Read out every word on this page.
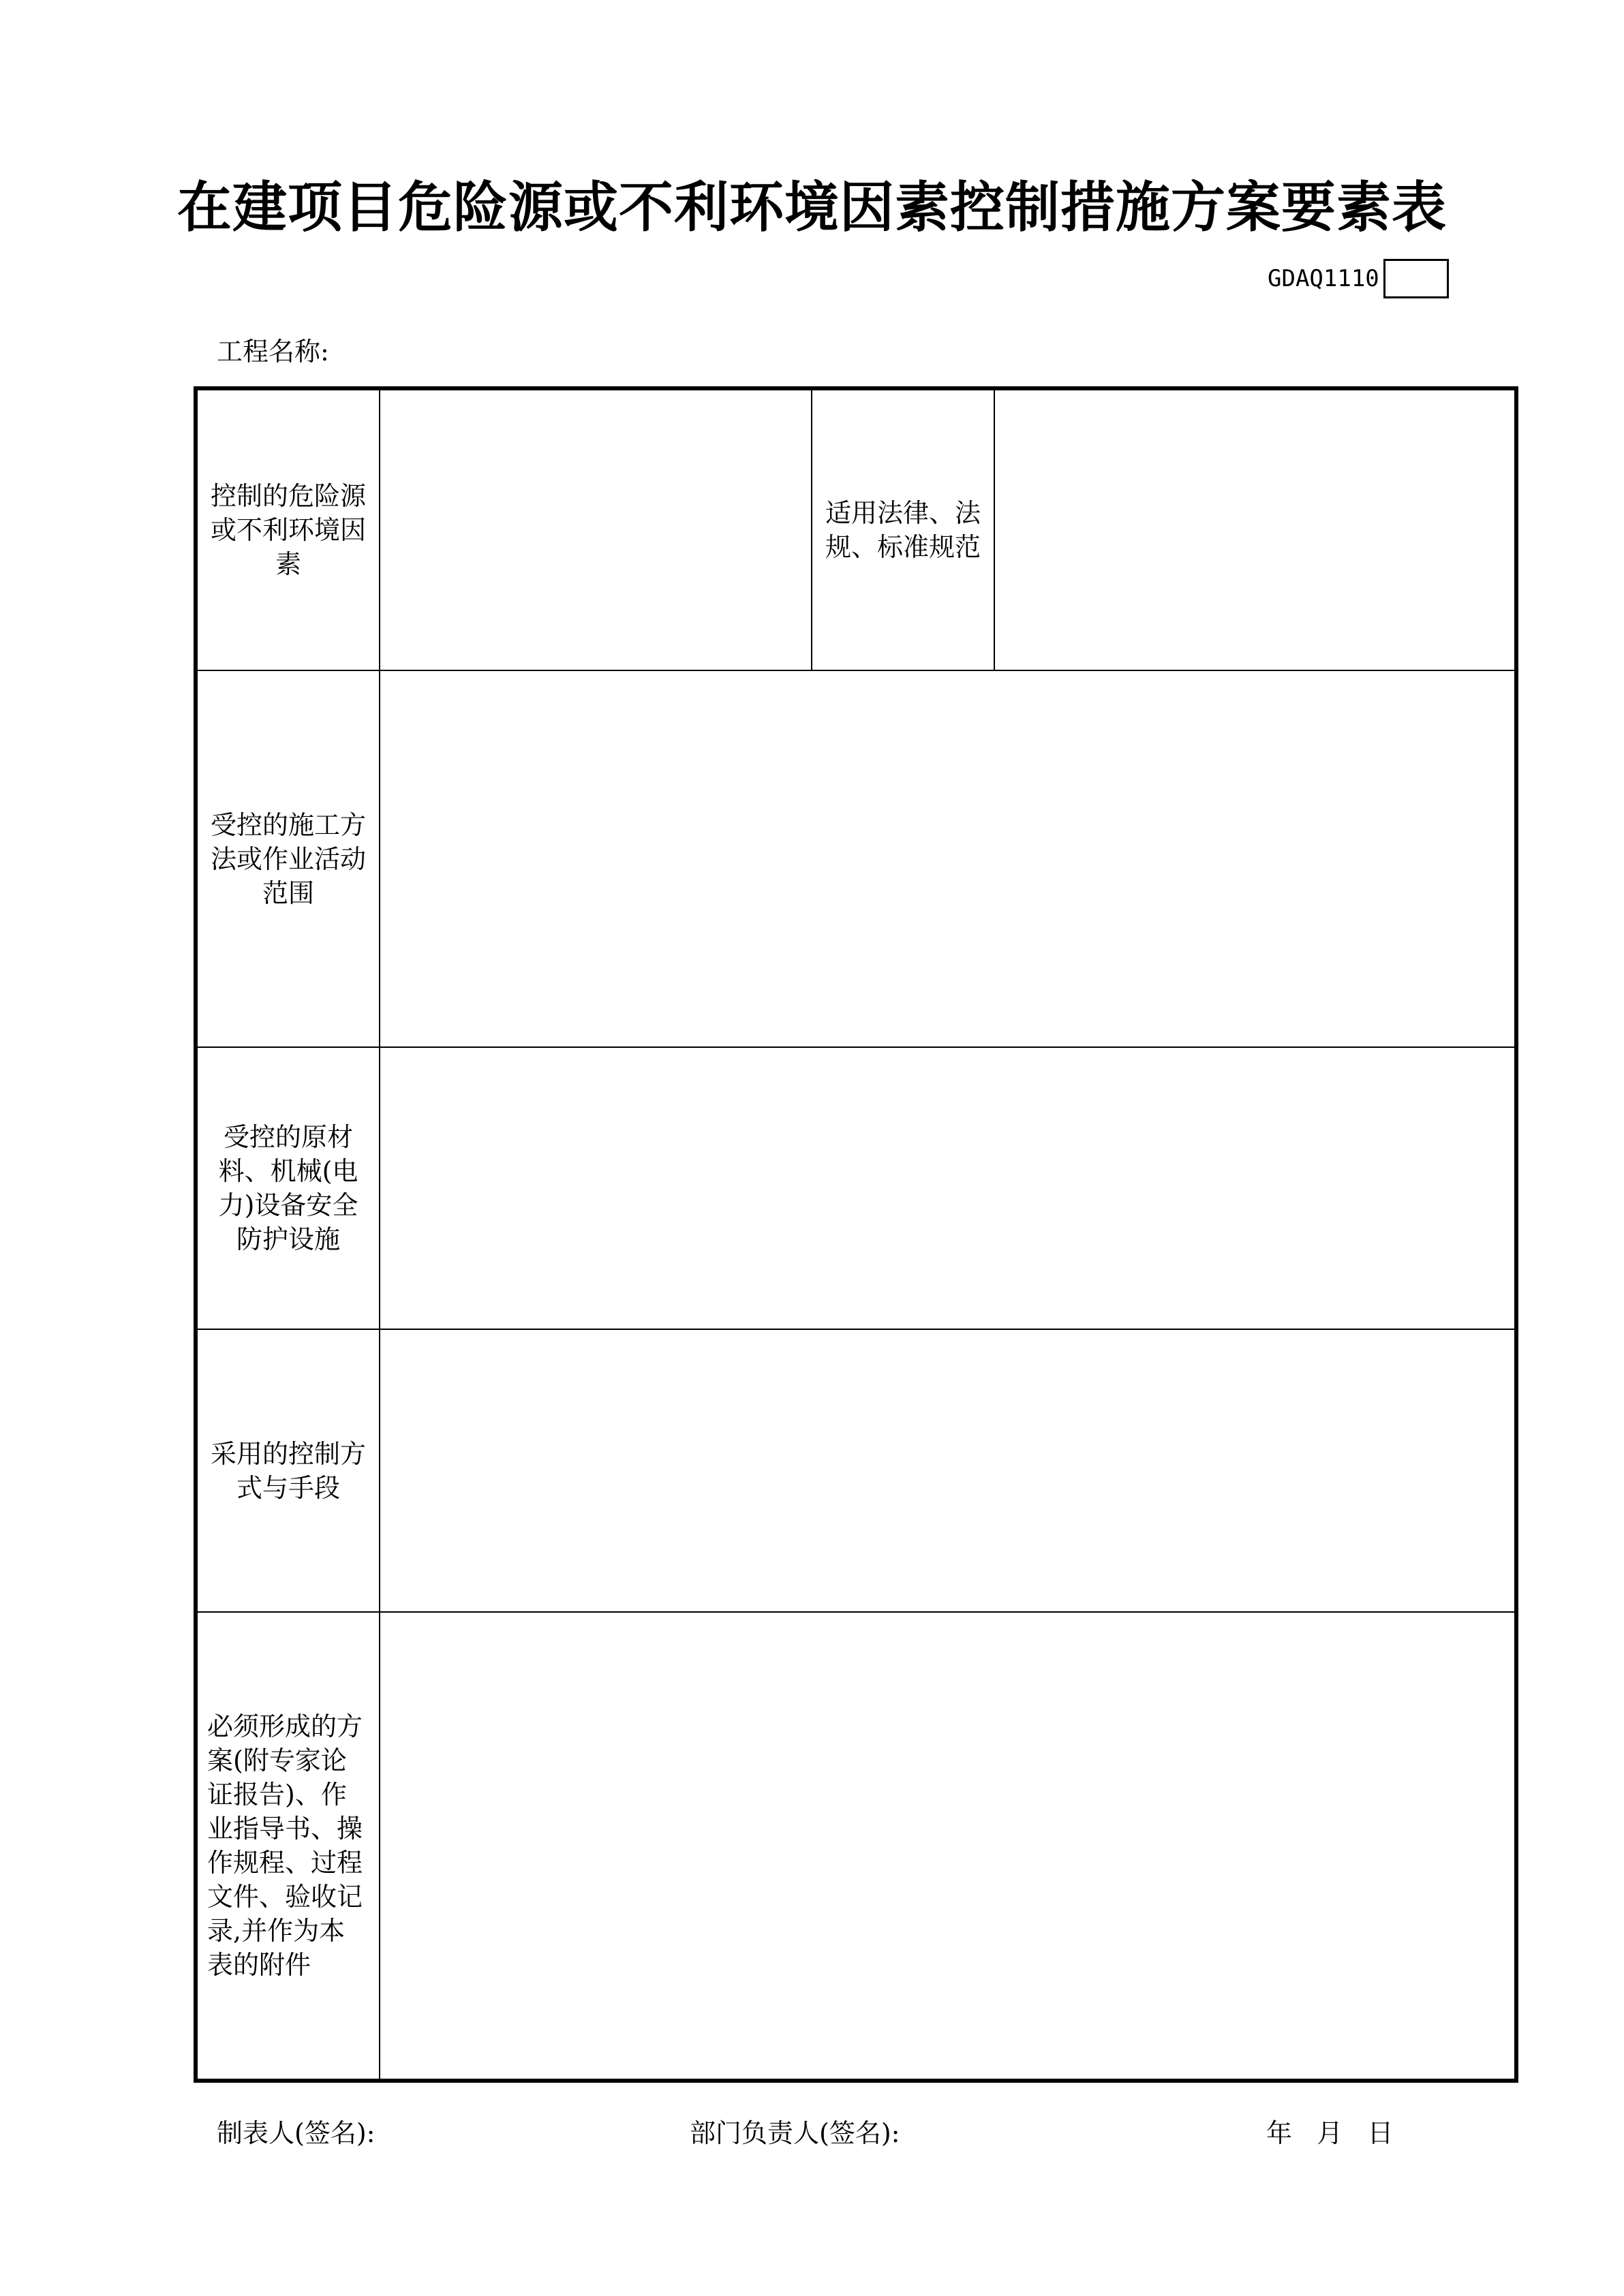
在建项目危险源或不利环境因素控制措施方案要素表
GDAQ1110
工程名称:
控制的危险源或不利环境因素		适用法律、法规、标准规范	
受控的施工方法或作业活动范围			
受控的原材料、机械(电力)设备安全防护设施			
采用的控制方式与手段			
必须形成的方案(附专家论证报告)、作业指导书、操作规程、过程文件、验收记录,并作为本表的附件			
制表人(签名):	部门负责人(签名):	年   月   日
